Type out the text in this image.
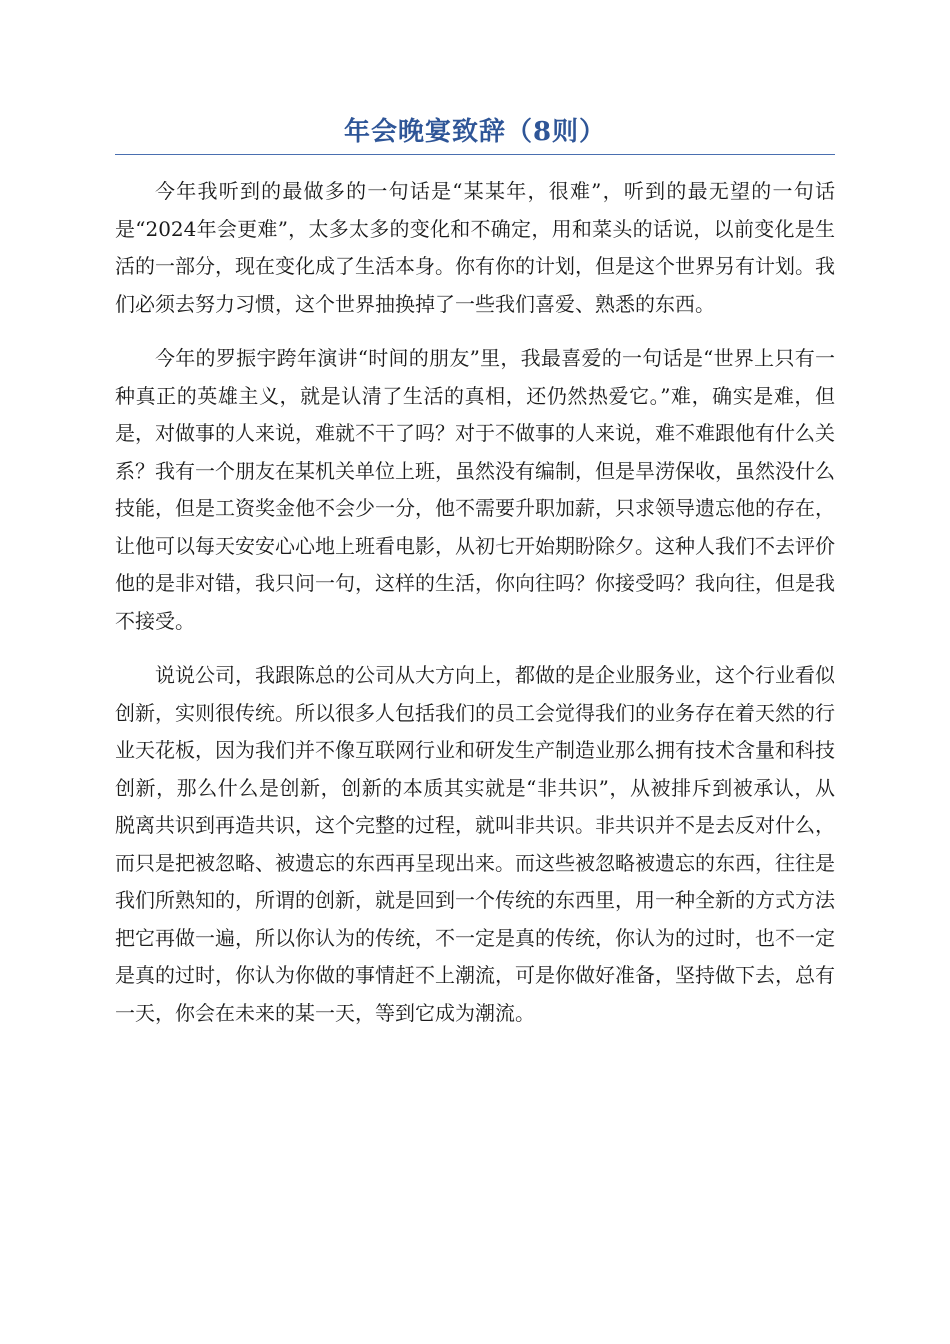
年会晚宴致辞（8则）

今年我听到的最做多的一句话是“某某年，很难”，听到的最无望的一句话是“2024年会更难”，太多太多的变化和不确定，用和菜头的话说，以前变化是生活的一部分，现在变化成了生活本身。你有你的计划，但是这个世界另有计划。我们必须去努力习惯，这个世界抽换掉了一些我们喜爱、熟悉的东西。

今年的罗振宇跨年演讲“时间的朋友”里，我最喜爱的一句话是“世界上只有一种真正的英雄主义，就是认清了生活的真相，还仍然热爱它。”难，确实是难，但是，对做事的人来说，难就不干了吗？对于不做事的人来说，难不难跟他有什么关系？我有一个朋友在某机关单位上班，虽然没有编制，但是旱涝保收，虽然没什么技能，但是工资奖金他不会少一分，他不需要升职加薪，只求领导遗忘他的存在，让他可以每天安安心心地上班看电影，从初七开始期盼除夕。这种人我们不去评价他的是非对错，我只问一句，这样的生活，你向往吗？你接受吗？我向往，但是我不接受。

说说公司，我跟陈总的公司从大方向上，都做的是企业服务业，这个行业看似创新，实则很传统。所以很多人包括我们的员工会觉得我们的业务存在着天然的行业天花板，因为我们并不像互联网行业和研发生产制造业那么拥有技术含量和科技创新，那么什么是创新，创新的本质其实就是“非共识”，从被排斥到被承认，从脱离共识到再造共识，这个完整的过程，就叫非共识。非共识并不是去反对什么，而只是把被忽略、被遗忘的东西再呈现出来。而这些被忽略被遗忘的东西，往往是我们所熟知的，所谓的创新，就是回到一个传统的东西里，用一种全新的方式方法把它再做一遍，所以你认为的传统，不一定是真的传统，你认为的过时，也不一定是真的过时，你认为你做的事情赶不上潮流，可是你做好准备，坚持做下去，总有一天，你会在未来的某一天，等到它成为潮流。
